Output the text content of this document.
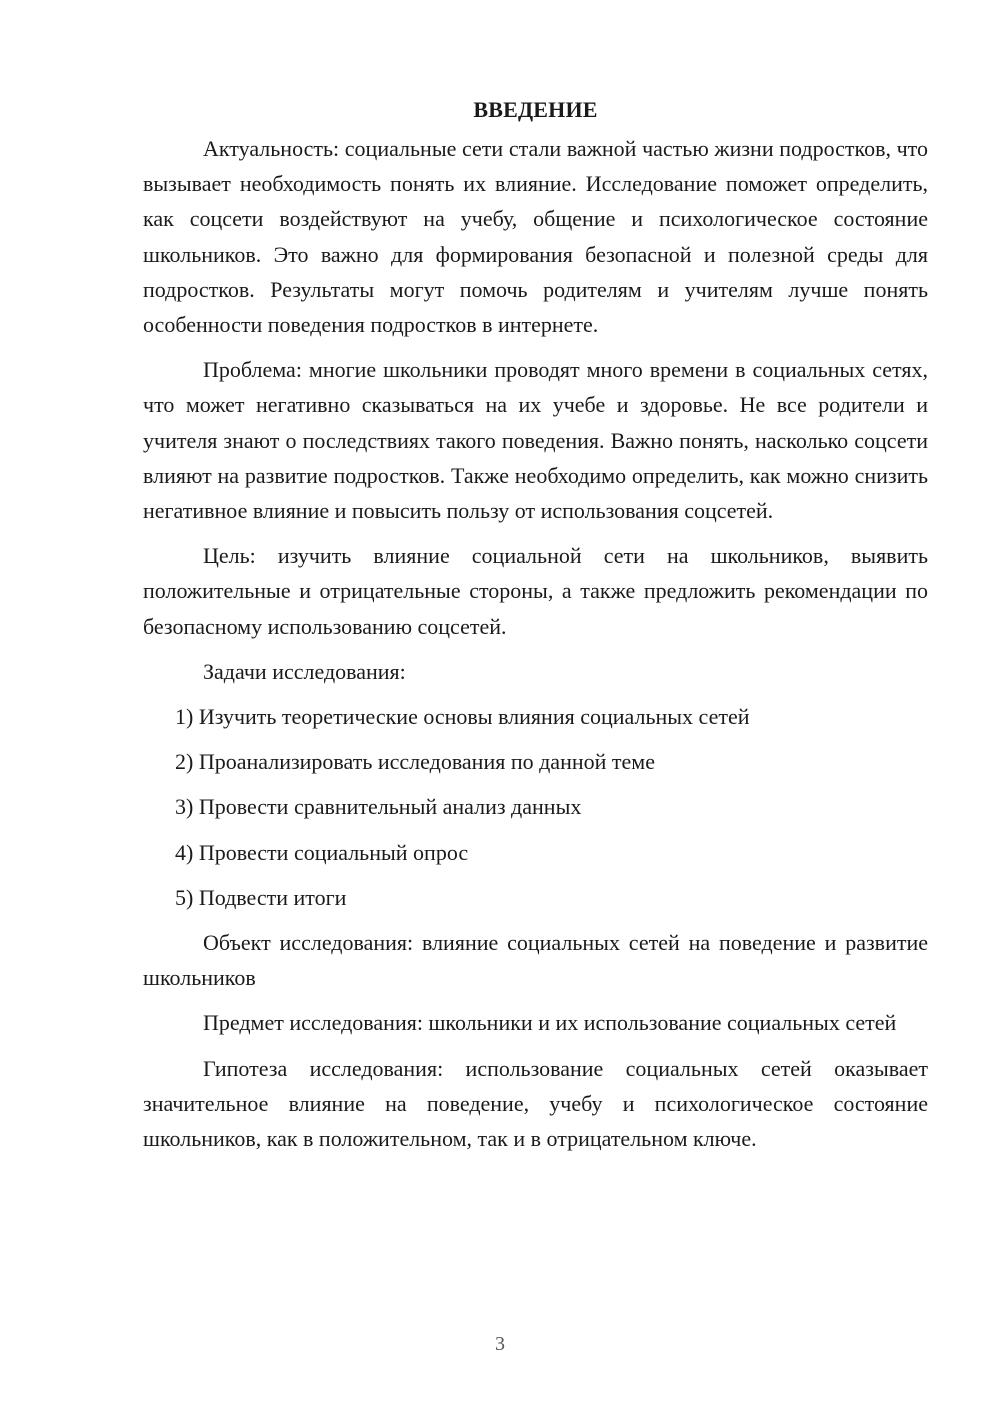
ВВЕДЕНИЕ

Актуальность: социальные сети стали важной частью жизни подростков, что вызывает необходимость понять их влияние. Исследование поможет определить, как соцсети воздействуют на учебу, общение и психологическое состояние школьников. Это важно для формирования безопасной и полезной среды для подростков. Результаты могут помочь родителям и учителям лучше понять особенности поведения подростков в интернете.

Проблема: многие школьники проводят много времени в социальных сетях, что может негативно сказываться на их учебе и здоровье. Не все родители и учителя знают о последствиях такого поведения. Важно понять, насколько соцсети влияют на развитие подростков. Также необходимо определить, как можно снизить негативное влияние и повысить пользу от использования соцсетей.

Цель: изучить влияние социальной сети на школьников, выявить положительные и отрицательные стороны, а также предложить рекомендации по безопасному использованию соцсетей.

Задачи исследования:

1) Изучить теоретические основы влияния социальных сетей
2) Проанализировать исследования по данной теме
3) Провести сравнительный анализ данных
4) Провести социальный опрос
5) Подвести итоги

Объект исследования: влияние социальных сетей на поведение и развитие школьников

Предмет исследования: школьники и их использование социальных сетей

Гипотеза исследования: использование социальных сетей оказывает значительное влияние на поведение, учебу и психологическое состояние школьников, как в положительном, так и в отрицательном ключе.

3
